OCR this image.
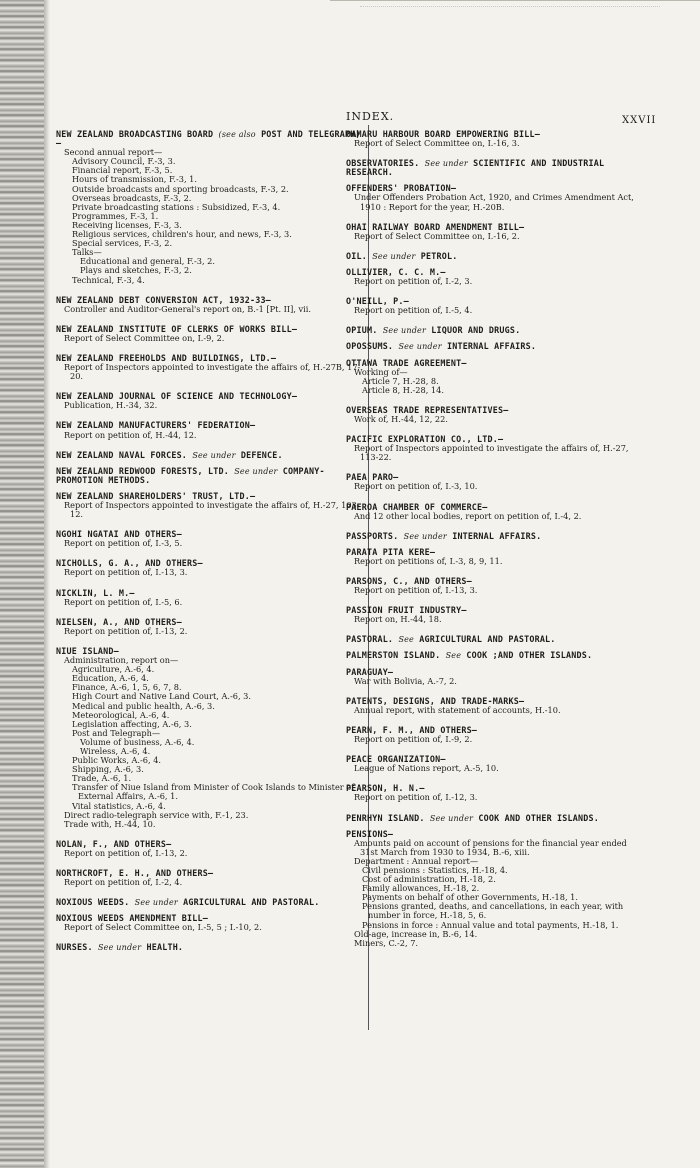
INDEX.	XXVII
NEW ZEALAND BROADCASTING BOARD (see also POST AND TELEGRAPH)—
Second annual report—
Advisory Council, F.-3, 3.
Financial report, F.-3, 5.
Hours of transmission, F.-3, 1.
Outside broadcasts and sporting broadcasts, F.-3, 2.
Overseas broadcasts, F.-3, 2.
Private broadcasting stations : Subsidized, F.-3, 4.
Programmes, F.-3, 1.
Receiving licenses, F.-3, 3.
Religious services, children's hour, and news, F.-3, 3.
Special services, F.-3, 2.
Talks—
Educational and general, F.-3, 2.
Plays and sketches, F.-3, 2.
Technical, F.-3, 4.
NEW ZEALAND DEBT CONVERSION ACT, 1932-33—
Controller and Auditor-General's report on, B.-1 [Pt. II], vii.
NEW ZEALAND INSTITUTE OF CLERKS OF WORKS BILL—
Report of Select Committee on, I.-9, 2.
NEW ZEALAND FREEHOLDS AND BUILDINGS, LTD.—
Report of Inspectors appointed to investigate the affairs of, H.-27B, 17-20.
NEW ZEALAND JOURNAL OF SCIENCE AND TECHNOLOGY—
Publication, H.-34, 32.
NEW ZEALAND MANUFACTURERS' FEDERATION—
Report on petition of, H.-44, 12.
NEW ZEALAND NAVAL FORCES. See under DEFENCE.
NEW ZEALAND REDWOOD FORESTS, LTD. See under COMPANY-PROMOTION METHODS.
NEW ZEALAND SHAREHOLDERS' TRUST, LTD.—
Report of Inspectors appointed to investigate the affairs of, H.-27, 103-12.
NGOHI NGATAI AND OTHERS—
Report on petition of, I.-3, 5.
NICHOLLS, G. A., AND OTHERS—
Report on petition of, I.-13, 3.
NICKLIN, L. M.—
Report on petition of, I.-5, 6.
NIELSEN, A., AND OTHERS—
Report on petition of, I.-13, 2.
NIUE ISLAND—
Administration, report on—
Agriculture, A.-6, 4.
Education, A.-6, 4.
Finance, A.-6, 1, 5, 6, 7, 8.
High Court and Native Land Court, A.-6, 3.
Medical and public health, A.-6, 3.
Meteorological, A.-6, 4.
Legislation affecting, A.-6, 3.
Post and Telegraph—
Volume of business, A.-6, 4.
Wireless, A.-6, 4.
Public Works, A.-6, 4.
Shipping, A.-6, 3.
Trade, A.-6, 1.
Transfer of Niue Island from Minister of Cook Islands to Minister of External Affairs, A.-6, 1.
Vital statistics, A.-6, 4.
Direct radio-telegraph service with, F.-1, 23.
Trade with, H.-44, 10.
NOLAN, F., AND OTHERS—
Report on petition of, I.-13, 2.
NORTHCROFT, E. H., AND OTHERS—
Report on petition of, I.-2, 4.
NOXIOUS WEEDS. See under AGRICULTURAL AND PASTORAL.
NOXIOUS WEEDS AMENDMENT BILL—
Report of Select Committee on, I.-5, 5 ; I.-10, 2.
NURSES. See under HEALTH.
OAMARU HARBOUR BOARD EMPOWERING BILL—
Report of Select Committee on, I.-16, 3.
OBSERVATORIES. See under SCIENTIFIC AND INDUSTRIAL RESEARCH.
OFFENDERS' PROBATION—
Under Offenders Probation Act, 1920, and Crimes Amendment Act, 1910 : Report for the year, H.-20B.
OHAI RAILWAY BOARD AMENDMENT BILL—
Report of Select Committee on, I.-16, 2.
OIL. See under PETROL.
OLLIVIER, C. C. M.—
Report on petition of, I.-2, 3.
O'NEILL, P.—
Report on petition of, I.-5, 4.
OPIUM. See under LIQUOR AND DRUGS.
OPOSSUMS. See under INTERNAL AFFAIRS.
OTTAWA TRADE AGREEMENT—
Working of—
Article 7, H.-28, 8.
Article 8, H.-28, 14.
OVERSEAS TRADE REPRESENTATIVES—
Work of, H.-44, 12, 22.
PACIFIC EXPLORATION CO., LTD.—
Report of Inspectors appointed to investigate the affairs of, H.-27, 113-22.
PAEA PARO—
Report on petition of, I.-3, 10.
PAEROA CHAMBER OF COMMERCE—
And 12 other local bodies, report on petition of, I.-4, 2.
PASSPORTS. See under INTERNAL AFFAIRS.
PARATA PITA KERE—
Report on petitions of, I.-3, 8, 9, 11.
PARSONS, C., AND OTHERS—
Report on petition of, I.-13, 3.
PASSION FRUIT INDUSTRY—
Report on, H.-44, 18.
PASTORAL. See AGRICULTURAL AND PASTORAL.
PALMERSTON ISLAND. See COOK ;AND OTHER ISLANDS.
PARAGUAY—
War with Bolivia, A.-7, 2.
PATENTS, DESIGNS, AND TRADE-MARKS—
Annual report, with statement of accounts, H.-10.
PEARN, F. M., AND OTHERS—
Report on petition of, I.-9, 2.
PEACE ORGANIZATION—
League of Nations report, A.-5, 10.
PEARSON, H. N.—
Report on petition of, I.-12, 3.
PENRHYN ISLAND. See under COOK AND OTHER ISLANDS.
PENSIONS—
Amounts paid on account of pensions for the financial year ended 31st March from 1930 to 1934, B.-6, xiii.
Department : Annual report—
Civil pensions : Statistics, H.-18, 4.
Cost of administration, H.-18, 2.
Family allowances, H.-18, 2.
Payments on behalf of other Governments, H.-18, 1.
Pensions granted, deaths, and cancellations, in each year, with number in force, H.-18, 5, 6.
Pensions in force : Annual value and total payments, H.-18, 1.
Old-age, increase in, B.-6, 14.
Miners, C.-2, 7.
